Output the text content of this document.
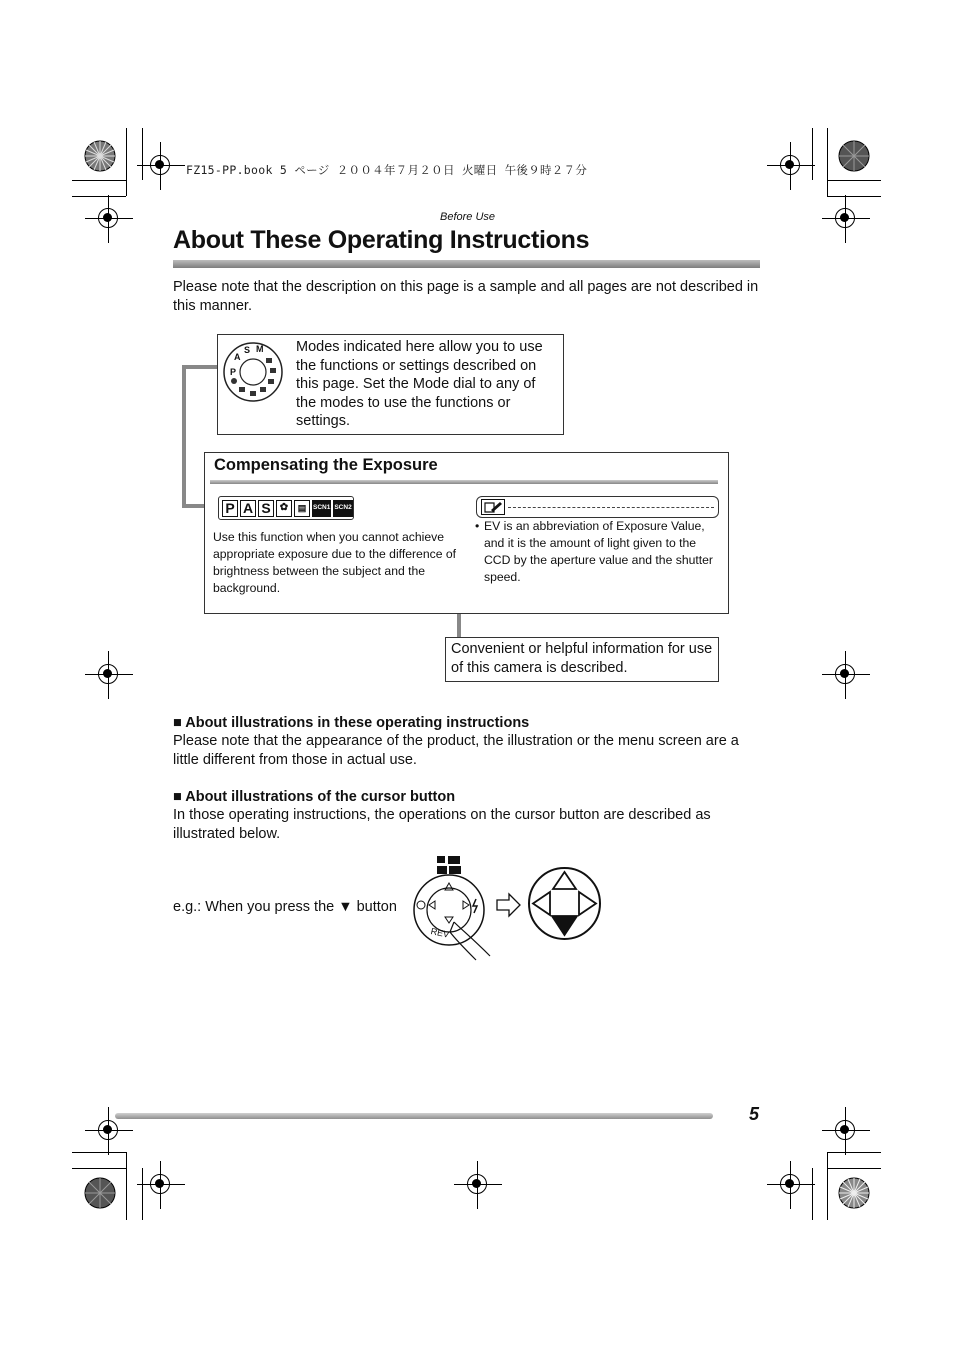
FZ15-PP.book 5 ページ ２００４年７月２０日 火曜日 午後９時２７分
Before Use
About These Operating Instructions
Please note that the description on this page is a sample and all pages are not described in this manner.
P
A
S M Modes indicated here allow you to use the functions or settings described on this page. Set the Mode dial to any of the modes to use the functions or settings.
Compensating the Exposure
P A S ✿	▤	SCN1 SCN2
Use this function when you cannot achieve appropriate exposure due to the difference of brightness between the subject and the background.
• EV is an abbreviation of Exposure Value, and it is the amount of light given to the CCD by the aperture value and the shutter speed.
Convenient or helpful information for use of this camera is described.
■ About illustrations in these operating instructions
Please note that the appearance of the product, the illustration or the menu screen are a little different from those in actual use.
■ About illustrations of the cursor button
In those operating instructions, the operations on the cursor button are described as illustrated below.
e.g.: When you press the ▼ button
REV
5
